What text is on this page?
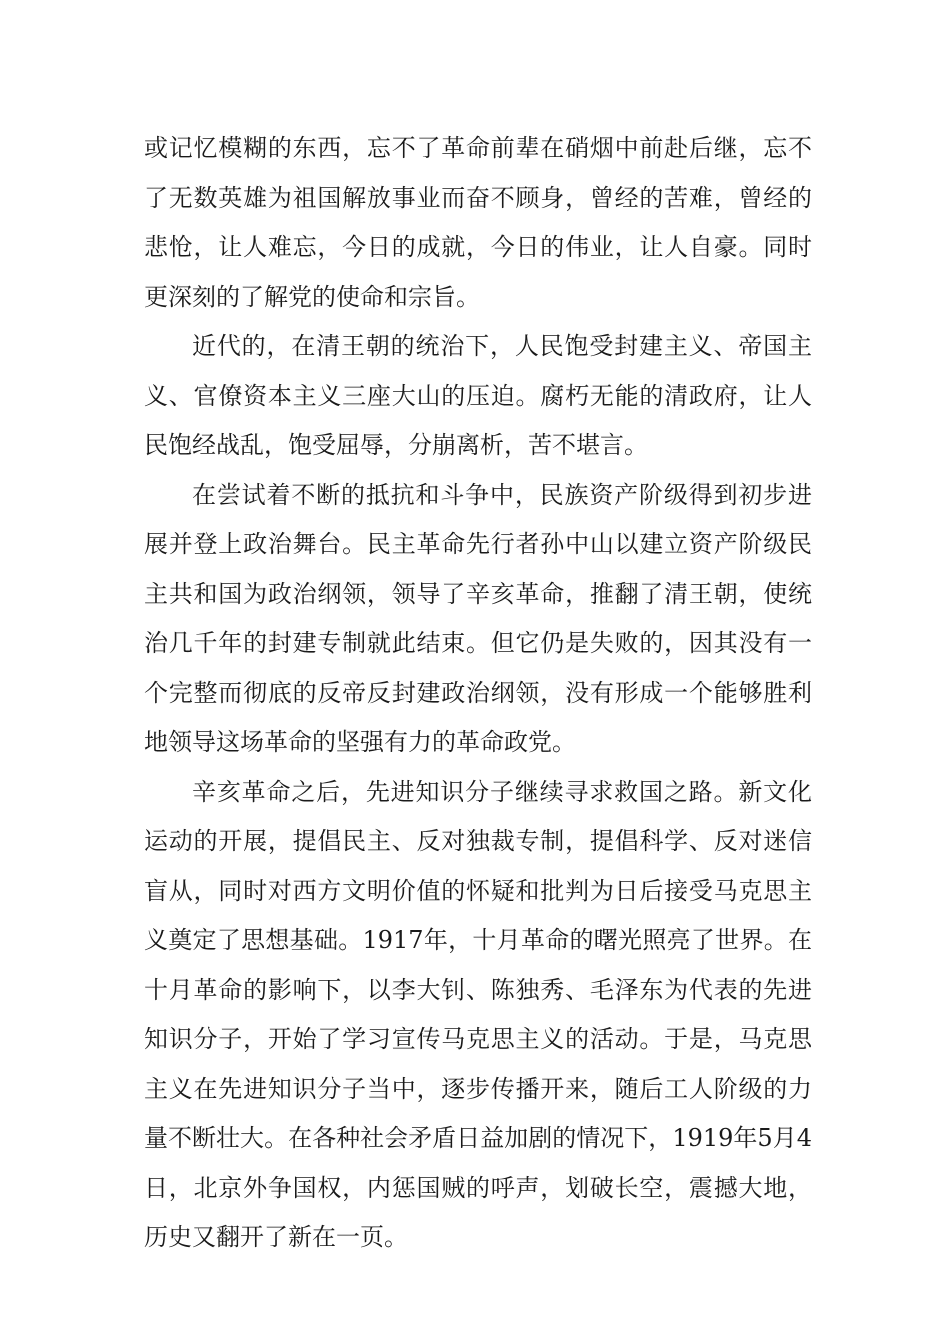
或记忆模糊的东西，忘不了革命前辈在硝烟中前赴后继，忘不了无数英雄为祖国解放事业而奋不顾身，曾经的苦难，曾经的悲怆，让人难忘，今日的成就，今日的伟业，让人自豪。同时更深刻的了解党的使命和宗旨。

近代的，在清王朝的统治下，人民饱受封建主义、帝国主义、官僚资本主义三座大山的压迫。腐朽无能的清政府，让人民饱经战乱，饱受屈辱，分崩离析，苦不堪言。

在尝试着不断的抵抗和斗争中，民族资产阶级得到初步进展并登上政治舞台。民主革命先行者孙中山以建立资产阶级民主共和国为政治纲领，领导了辛亥革命，推翻了清王朝，使统治几千年的封建专制就此结束。但它仍是失败的，因其没有一个完整而彻底的反帝反封建政治纲领，没有形成一个能够胜利地领导这场革命的坚强有力的革命政党。

辛亥革命之后，先进知识分子继续寻求救国之路。新文化运动的开展，提倡民主、反对独裁专制，提倡科学、反对迷信盲从，同时对西方文明价值的怀疑和批判为日后接受马克思主义奠定了思想基础。1917年，十月革命的曙光照亮了世界。在十月革命的影响下，以李大钊、陈独秀、毛泽东为代表的先进知识分子，开始了学习宣传马克思主义的活动。于是，马克思主义在先进知识分子当中，逐步传播开来，随后工人阶级的力量不断壮大。在各种社会矛盾日益加剧的情况下，1919年5月4日，北京外争国权，内惩国贼的呼声，划破长空，震撼大地，历史又翻开了新在一页。
